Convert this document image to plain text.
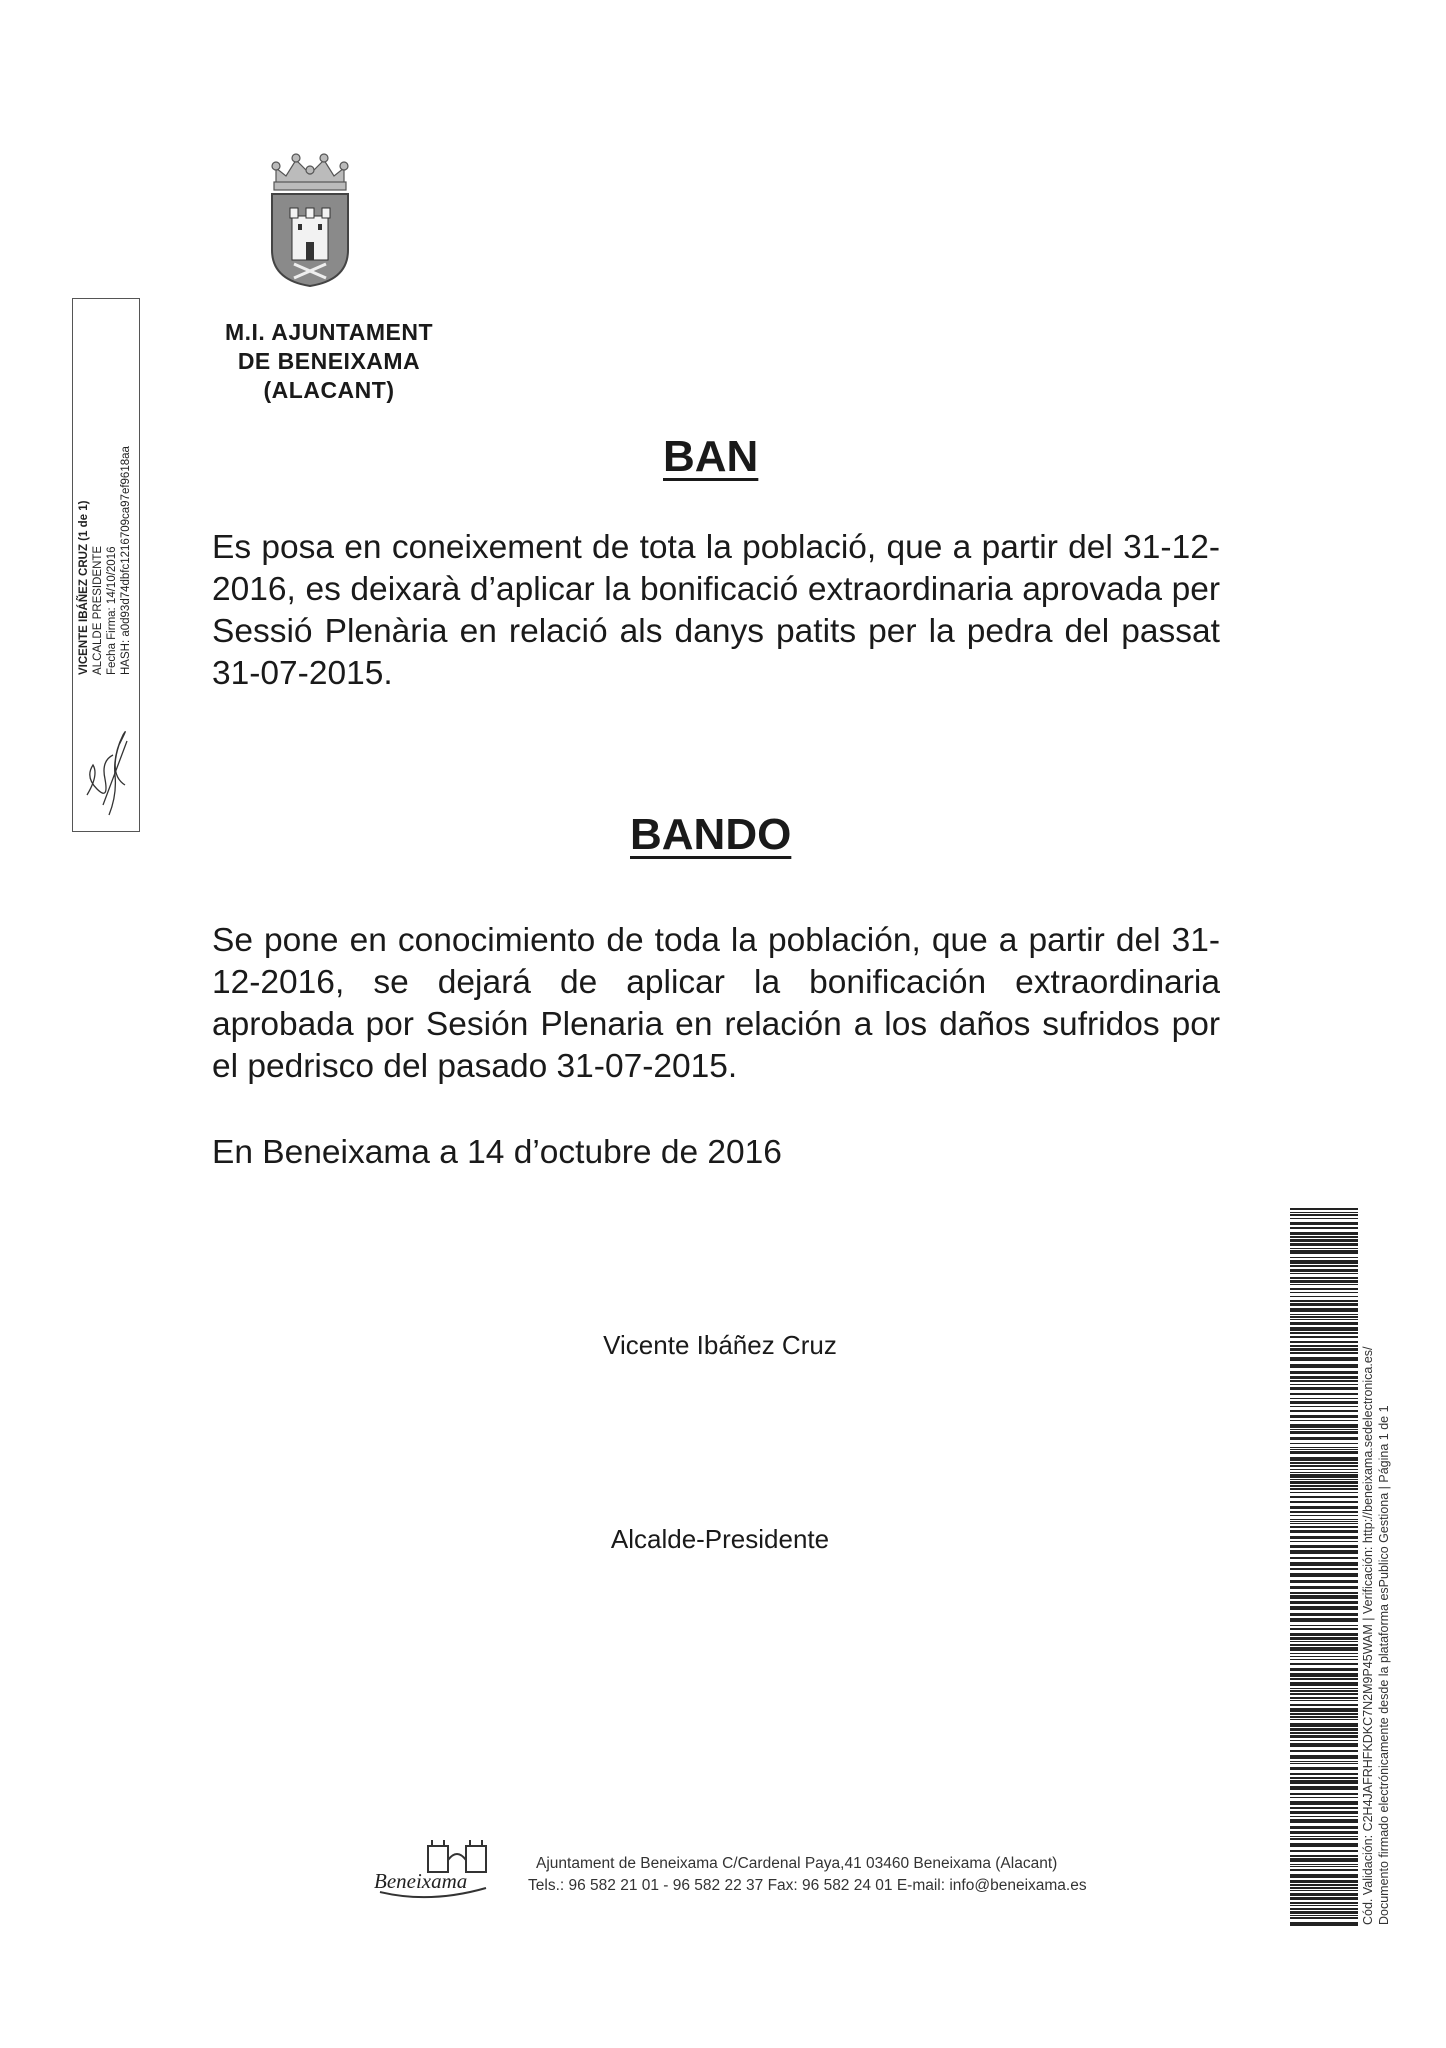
M.I. AJUNTAMENT
DE BENEIXAMA
(ALACANT)
BAN
Es posa en coneixement de tota la població, que a partir del 31-12-2016, es deixarà d’aplicar la bonificació extraordinaria aprovada per Sessió Plenària en relació als danys patits per la pedra del passat 31-07-2015.
BANDO
Se pone en conocimiento de toda la población, que a partir del 31-12-2016, se dejará de aplicar la bonificación extraordinaria aprobada por Sesión Plenaria en relación a los daños sufridos por el pedrisco del pasado 31-07-2015.
En Beneixama a 14 d’octubre de 2016
Vicente Ibáñez Cruz
Alcalde-Presidente
VICENTE IBÁÑEZ CRUZ (1 de 1) ALCALDE PRESIDENTE Fecha Firma: 14/10/2016 HASH: a0d93d74dbfc1216709ca97ef9618aa
Cód. Validación: C2H4JAFRHFKDKC7N2M9P45WAM | Verificación: http://beneixama.sedelectronica.es/ Documento firmado electrónicamente desde la plataforma esPublico Gestiona | Página 1 de 1
Beneixama
Ajuntament de Beneixama C/Cardenal Paya,41 03460 Beneixama (Alacant)
Tels.: 96 582 21 01 - 96 582 22 37 Fax: 96 582 24 01 E-mail: info@beneixama.es
